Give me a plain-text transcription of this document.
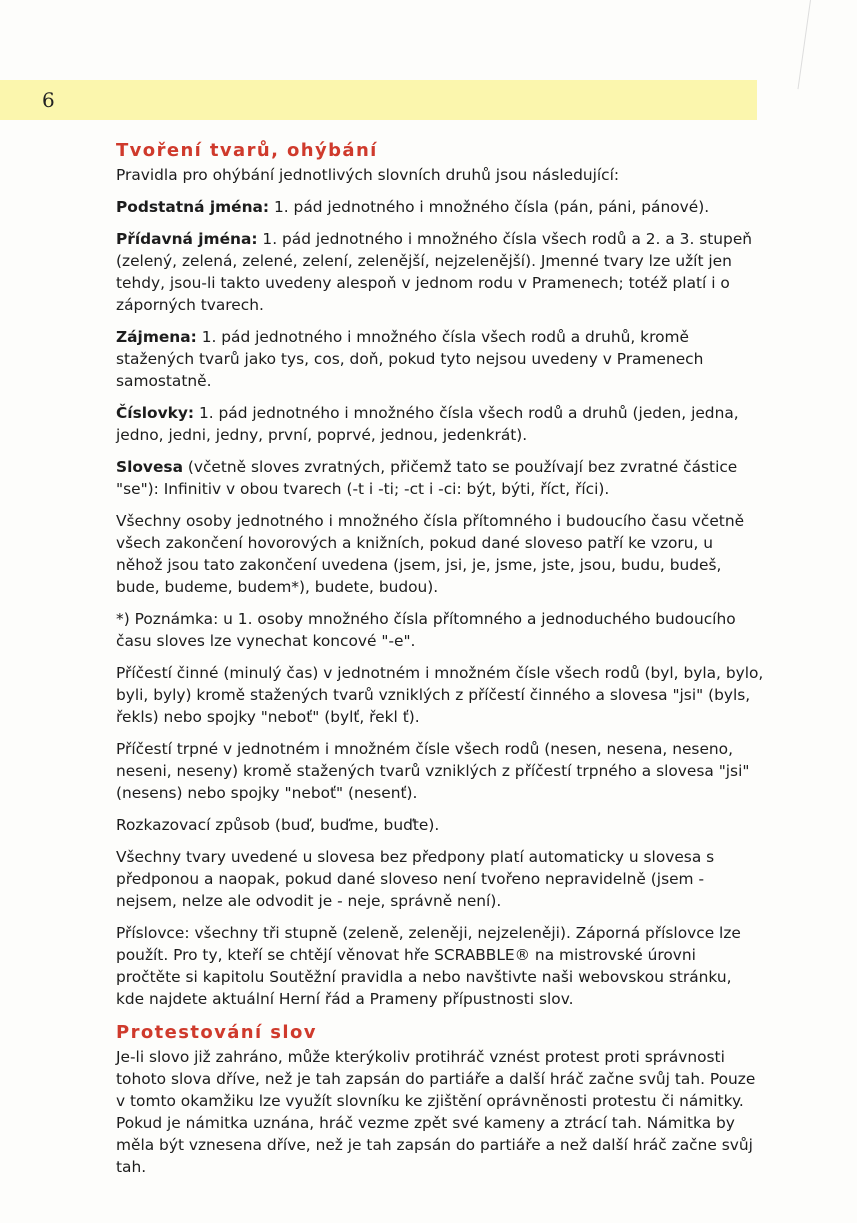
6
Tvoření tvarů, ohýbání

Pravidla pro ohýbání jednotlivých slovních druhů jsou následující:

Podstatná jména: 1. pád jednotného i množného čísla (pán, páni, pánové).

Přídavná jména: 1. pád jednotného i množného čísla všech rodů a 2. a 3. stupeň (zelený, zelená, zelené, zelení, zelenější, nejzelenější). Jmenné tvary lze užít jen tehdy, jsou-li takto uvedeny alespoň v jednom rodu v Pramenech; totéž platí i o záporných tvarech.

Zájmena: 1. pád jednotného i množného čísla všech rodů a druhů, kromě stažených tvarů jako tys, cos, doň, pokud tyto nejsou uvedeny v Pramenech samostatně.

Číslovky: 1. pád jednotného i množného čísla všech rodů a druhů (jeden, jedna, jedno, jedni, jedny, první, poprvé, jednou, jedenkrát).

Slovesa (včetně sloves zvratných, přičemž tato se používají bez zvratné částice "se"): Infinitiv v obou tvarech (-t i -ti; -ct i -ci: být, býti, říct, říci).

Všechny osoby jednotného i množného čísla přítomného i budoucího času včetně všech zakončení hovorových a knižních, pokud dané sloveso patří ke vzoru, u něhož jsou tato zakončení uvedena (jsem, jsi, je, jsme, jste, jsou, budu, budeš, bude, budeme, budem*), budete, budou).

*) Poznámka: u 1. osoby množného čísla přítomného a jednoduchého budoucího času sloves lze vynechat koncové "-e".

Příčestí činné (minulý čas) v jednotném i množném čísle všech rodů (byl, byla, bylo, byli, byly) kromě stažených tvarů vzniklých z příčestí činného a slovesa "jsi" (byls, řekls) nebo spojky "neboť" (bylť, řekl ť).

Příčestí trpné v jednotném i množném čísle všech rodů (nesen, nesena, neseno, neseni, neseny) kromě stažených tvarů vzniklých z příčestí trpného a slovesa "jsi" (nesens) nebo spojky "neboť" (nesenť).

Rozkazovací způsob (buď, buďme, buďte).

Všechny tvary uvedené u slovesa bez předpony platí automaticky u slovesa s předponou a naopak, pokud dané sloveso není tvořeno nepravidelně (jsem - nejsem, nelze ale odvodit je - neje, správně není).

Příslovce: všechny tři stupně (zeleně, zeleněji, nejzeleněji). Záporná příslovce lze použít. Pro ty, kteří se chtějí věnovat hře SCRABBLE® na mistrovské úrovni pročtěte si kapitolu Soutěžní pravidla a nebo navštivte naši webovskou stránku, kde najdete aktuální Herní řád a Prameny přípustnosti slov.

Protestování slov

Je-li slovo již zahráno, může kterýkoliv protihráč vznést protest proti správnosti tohoto slova dříve, než je tah zapsán do partiáře a další hráč začne svůj tah. Pouze v tomto okamžiku lze využít slovníku ke zjištění oprávněnosti protestu či námitky. Pokud je námitka uznána, hráč vezme zpět své kameny a ztrácí tah. Námitka by měla být vznesena dříve, než je tah zapsán do partiáře a než další hráč začne svůj tah.
